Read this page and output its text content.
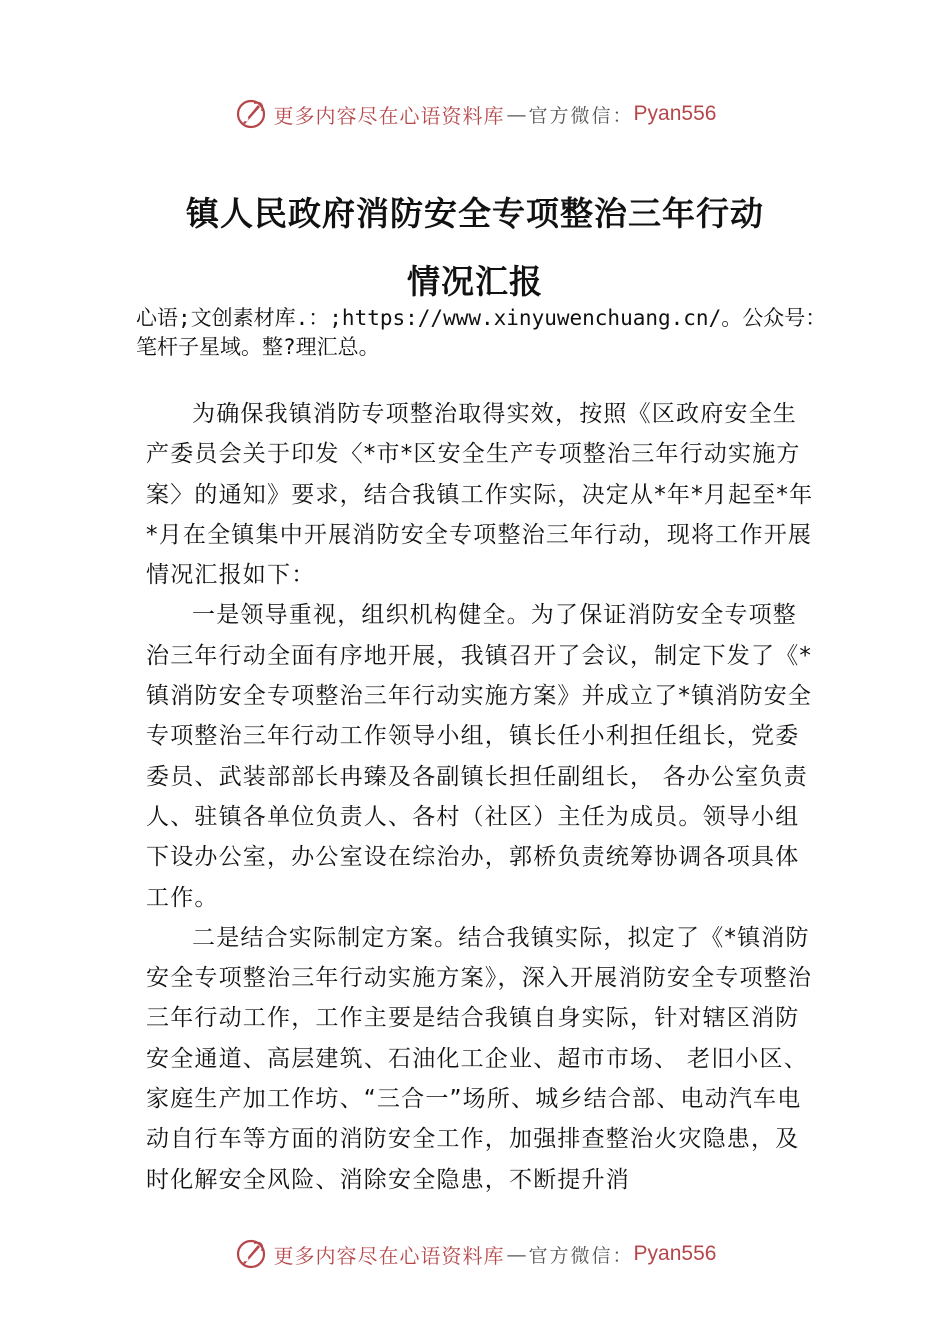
更多内容尽在心语资料库 — 官方微信： Pyan556
镇人民政府消防安全专项整治三年行动
情况汇报
心语;文创素材库.：;https://www.xinyuwenchuang.cn/。公众号：笔杆子星域。整?理汇总。

为确保我镇消防专项整治取得实效，按照《区政府安全生产委员会关于印发〈*市*区安全生产专项整治三年行动实施方案〉的通知》要求，结合我镇工作实际，决定从*年*月起至*年*月在全镇集中开展消防安全专项整治三年行动，现将工作开展情况汇报如下：

一是领导重视，组织机构健全。为了保证消防安全专项整治三年行动全面有序地开展，我镇召开了会议，制定下发了《*镇消防安全专项整治三年行动实施方案》并成立了*镇消防安全专项整治三年行动工作领导小组，镇长任小利担任组长，党委委员、武装部部长冉臻及各副镇长担任副组长， 各办公室负责人、驻镇各单位负责人、各村（社区）主任为成员。领导小组下设办公室，办公室设在综治办，郭桥负责统筹协调各项具体工作。

二是结合实际制定方案。结合我镇实际，拟定了《*镇消防安全专项整治三年行动实施方案》，深入开展消防安全专项整治三年行动工作，工作主要是结合我镇自身实际，针对辖区消防安全通道、高层建筑、石油化工企业、超市市场、 老旧小区、家庭生产加工作坊、“三合一”场所、城乡结合部、电动汽车电动自行车等方面的消防安全工作，加强排查整治火灾隐患，及时化解安全风险、消除安全隐患，不断提升消

更多内容尽在心语资料库 — 官方微信： Pyan556
